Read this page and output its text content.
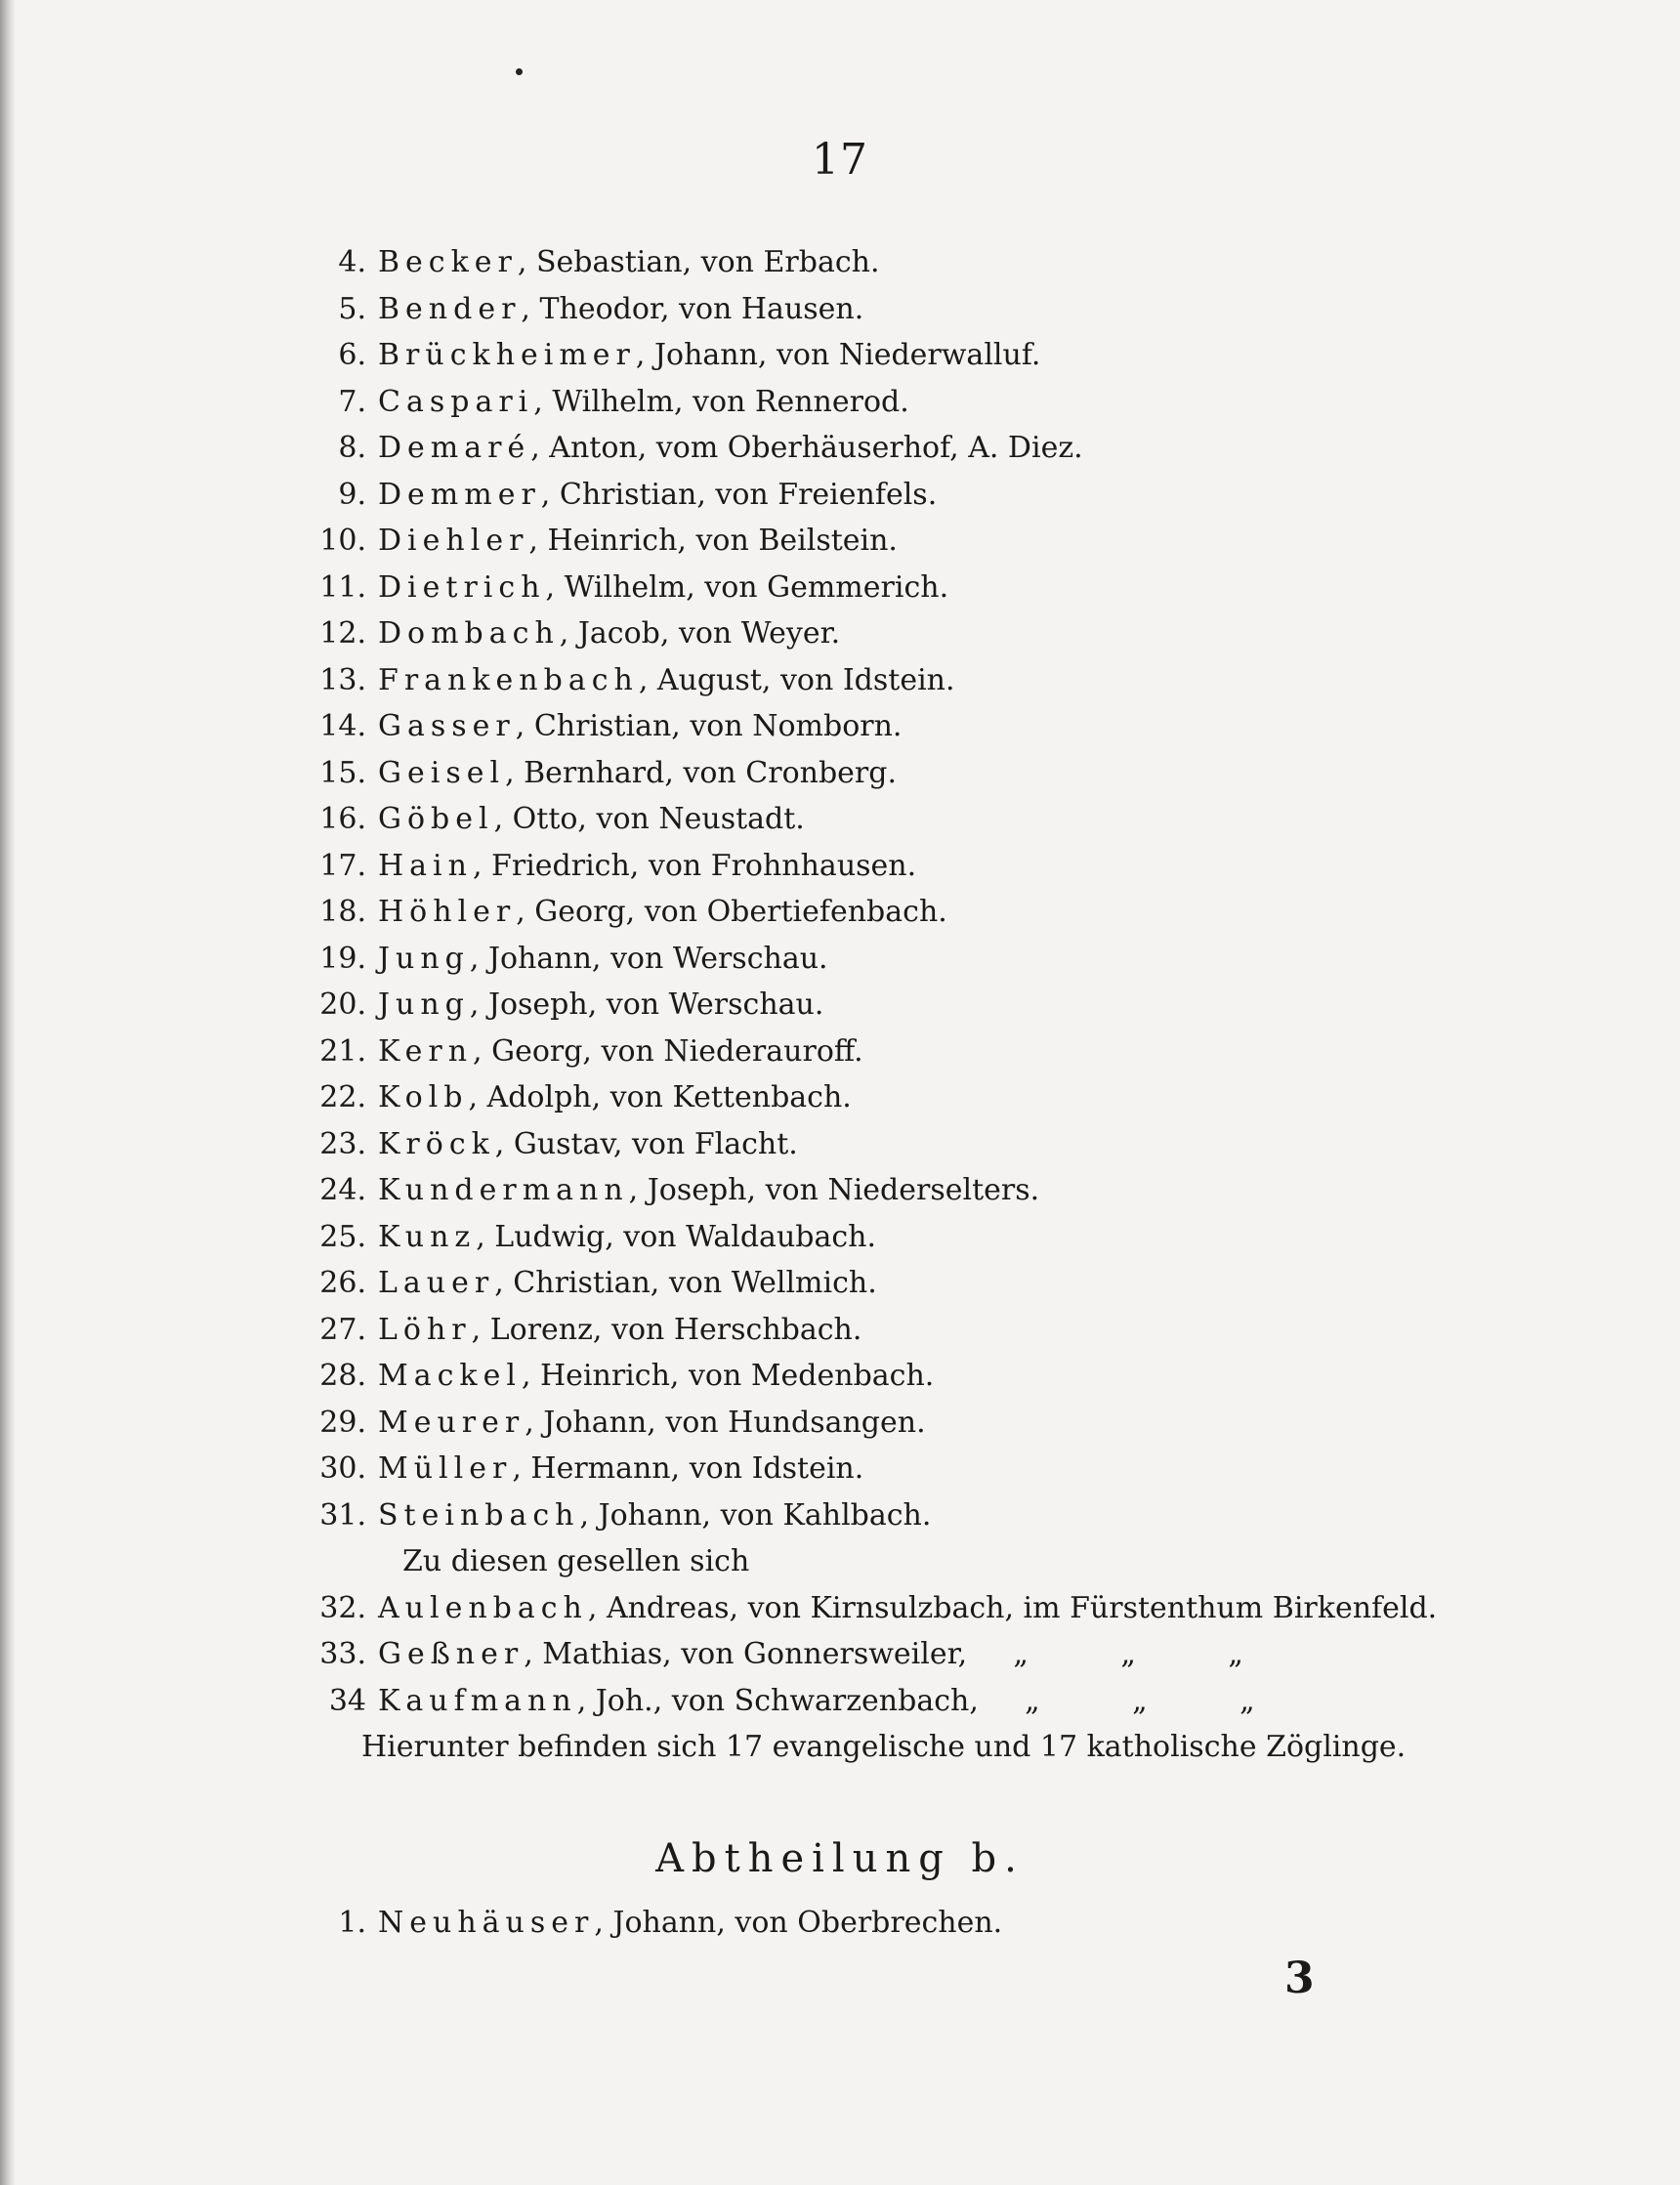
17
4. Becker, Sebastian, von Erbach.
5. Bender, Theodor, von Hausen.
6. Brückheimer, Johann, von Niederwalluf.
7. Caspari, Wilhelm, von Rennerod.
8. Demaré, Anton, vom Oberhäuserhof, A. Diez.
9. Demmer, Christian, von Freienfels.
10. Diehler, Heinrich, von Beilstein.
11. Dietrich, Wilhelm, von Gemmerich.
12. Dombach, Jacob, von Weyer.
13. Frankenbach, August, von Idstein.
14. Gasser, Christian, von Nomborn.
15. Geisel, Bernhard, von Cronberg.
16. Göbel, Otto, von Neustadt.
17. Hain, Friedrich, von Frohnhausen.
18. Höhler, Georg, von Obertiefenbach.
19. Jung, Johann, von Werschau.
20. Jung, Joseph, von Werschau.
21. Kern, Georg, von Niederauroff.
22. Kolb, Adolph, von Kettenbach.
23. Kröck, Gustav, von Flacht.
24. Kundermann, Joseph, von Niederselters.
25. Kunz, Ludwig, von Waldaubach.
26. Lauer, Christian, von Wellmich.
27. Löhr, Lorenz, von Herschbach.
28. Mackel, Heinrich, von Medenbach.
29. Meurer, Johann, von Hundsangen.
30. Müller, Hermann, von Idstein.
31. Steinbach, Johann, von Kahlbach.
Zu diesen gesellen sich
32. Aulenbach, Andreas, von Kirnsulzbach, im Fürstenthum Birkenfeld.
33. Geßner, Mathias, von Gonnersweiler, „	„	„
34 Kaufmann, Joh., von Schwarzenbach, „	„	„
Hierunter befinden sich 17 evangelische und 17 katholische Zöglinge.
1. Neuhäuser, Johann, von Oberbrechen.
Abtheilung b.
3
